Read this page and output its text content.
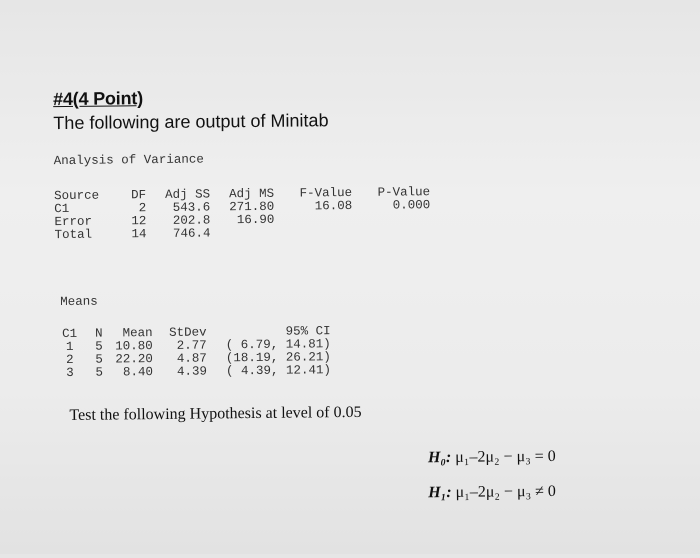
#4(4 Point)
The following are output of Minitab
Analysis of Variance
Source	DF	Adj SS	Adj MS	F-Value	P-Value
C1	2	543.6	271.80	16.08	0.000
Error	12	202.8	16.90		
Total	14	746.4			
Means
C1	N	Mean	StDev	95% CI
1	5	10.80	2.77	( 6.79, 14.81)
2	5	22.20	4.87	(18.19, 26.21)
3	5	8.40	4.39	( 4.39, 12.41)
Test the following Hypothesis at level of 0.05
H₀: μ₁–2μ₂ − μ₃ = 0
H₁: μ₁–2μ₂ − μ₃ ≠ 0
